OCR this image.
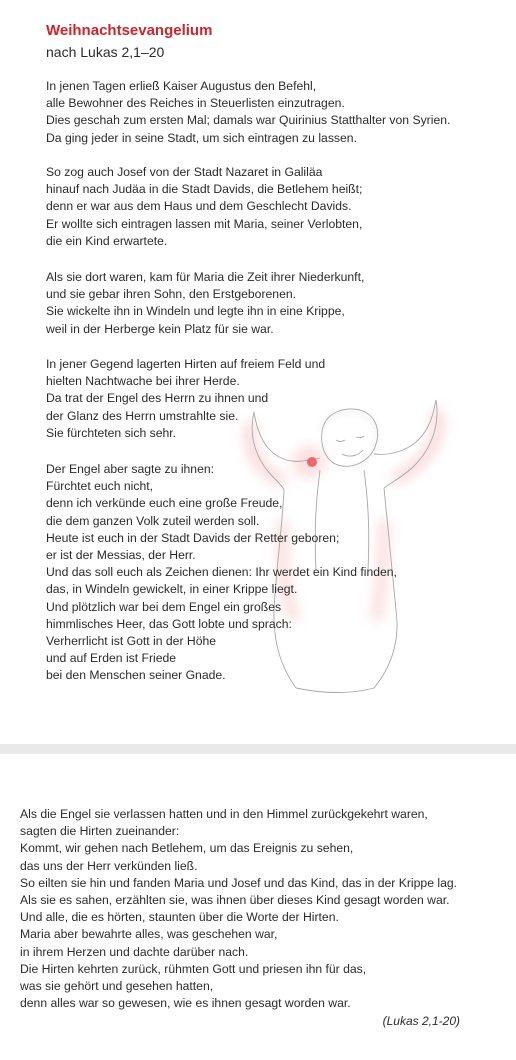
Weihnachtsevangelium

nach Lukas 2,1–20

In jenen Tagen erließ Kaiser Augustus den Befehl,
alle Bewohner des Reiches in Steuerlisten einzutragen.
Dies geschah zum ersten Mal; damals war Quirinius Statthalter von Syrien.
Da ging jeder in seine Stadt, um sich eintragen zu lassen.
So zog auch Josef von der Stadt Nazaret in Galiläa
hinauf nach Judäa in die Stadt Davids, die Betlehem heißt;
denn er war aus dem Haus und dem Geschlecht Davids.
Er wollte sich eintragen lassen mit Maria, seiner Verlobten,
die ein Kind erwartete.
Als sie dort waren, kam für Maria die Zeit ihrer Niederkunft,
und sie gebar ihren Sohn, den Erstgeborenen.
Sie wickelte ihn in Windeln und legte ihn in eine Krippe,
weil in der Herberge kein Platz für sie war.
In jener Gegend lagerten Hirten auf freiem Feld und
hielten Nachtwache bei ihrer Herde.
Da trat der Engel des Herrn zu ihnen und
der Glanz des Herrn umstrahlte sie.
Sie fürchteten sich sehr.
Der Engel aber sagte zu ihnen:
Fürchtet euch nicht,
denn ich verkünde euch eine große Freude,
die dem ganzen Volk zuteil werden soll.
Heute ist euch in der Stadt Davids der Retter geboren;
er ist der Messias, der Herr.
Und das soll euch als Zeichen dienen: Ihr werdet ein Kind finden,
das, in Windeln gewickelt, in einer Krippe liegt.
Und plötzlich war bei dem Engel ein großes
himmlisches Heer, das Gott lobte und sprach:
Verherrlicht ist Gott in der Höhe
und auf Erden ist Friede
bei den Menschen seiner Gnade.
Als die Engel sie verlassen hatten und in den Himmel zurückgekehrt waren,
sagten die Hirten zueinander:
Kommt, wir gehen nach Betlehem, um das Ereignis zu sehen,
das uns der Herr verkünden ließ.
So eilten sie hin und fanden Maria und Josef und das Kind, das in der Krippe lag.
Als sie es sahen, erzählten sie, was ihnen über dieses Kind gesagt worden war.
Und alle, die es hörten, staunten über die Worte der Hirten.
Maria aber bewahrte alles, was geschehen war,
in ihrem Herzen und dachte darüber nach.
Die Hirten kehrten zurück, rühmten Gott und priesen ihn für das,
was sie gehört und gesehen hatten,
denn alles war so gewesen, wie es ihnen gesagt worden war.

(Lukas 2,1-20)
